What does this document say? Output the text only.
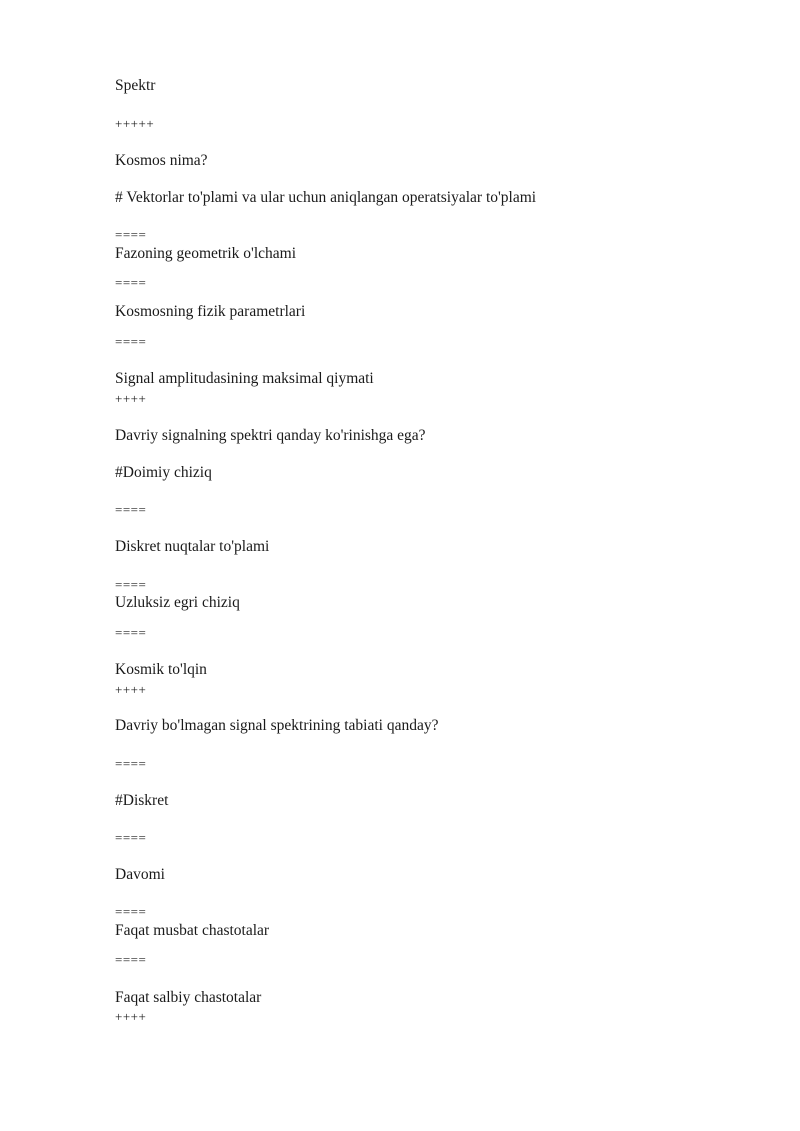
Spektr
+++++
Kosmos nima?
# Vektorlar to'plami va ular uchun aniqlangan operatsiyalar to'plami
====
Fazoning geometrik o'lchami
====
Kosmosning fizik parametrlari
====
Signal amplitudasining maksimal qiymati
++++
Davriy signalning spektri qanday ko'rinishga ega?
#Doimiy chiziq
====
Diskret nuqtalar to'plami
====
Uzluksiz egri chiziq
====
Kosmik to'lqin
++++
Davriy bo'lmagan signal spektrining tabiati qanday?
====
#Diskret
====
Davomi
====
Faqat musbat chastotalar
====
Faqat salbiy chastotalar
++++
